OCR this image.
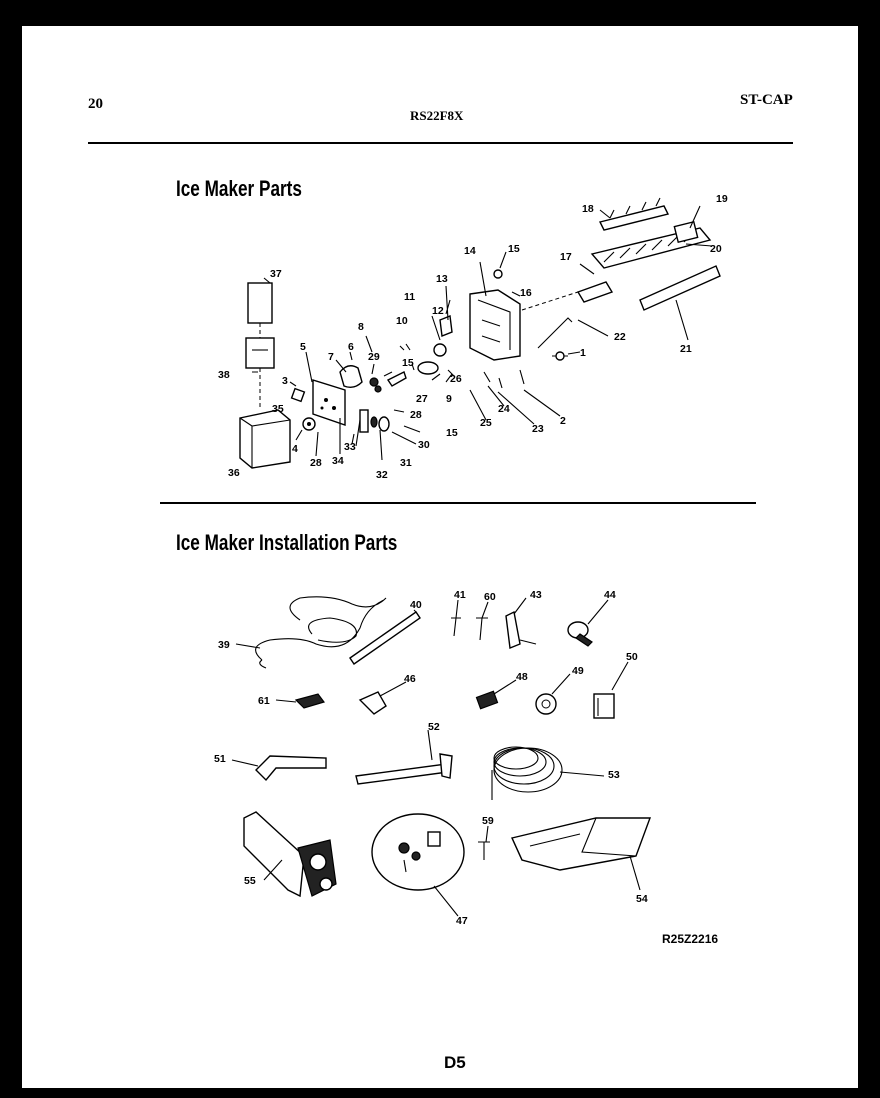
20
RS22F8X
ST-CAP
Ice Maker Parts
Ice Maker Installation Parts
R25Z2216
D5
37
38
36
3
35
4
5
7
6
8
29
10
11
12
13
14	15
16
17
18
19
20
21
22
1
2
23
24
25
26
9
27
15
28
15
30
31
32
33
34
28
39
40
41 60	43	44
61
46	48	49
50
51
52
53
55
47
59
54
